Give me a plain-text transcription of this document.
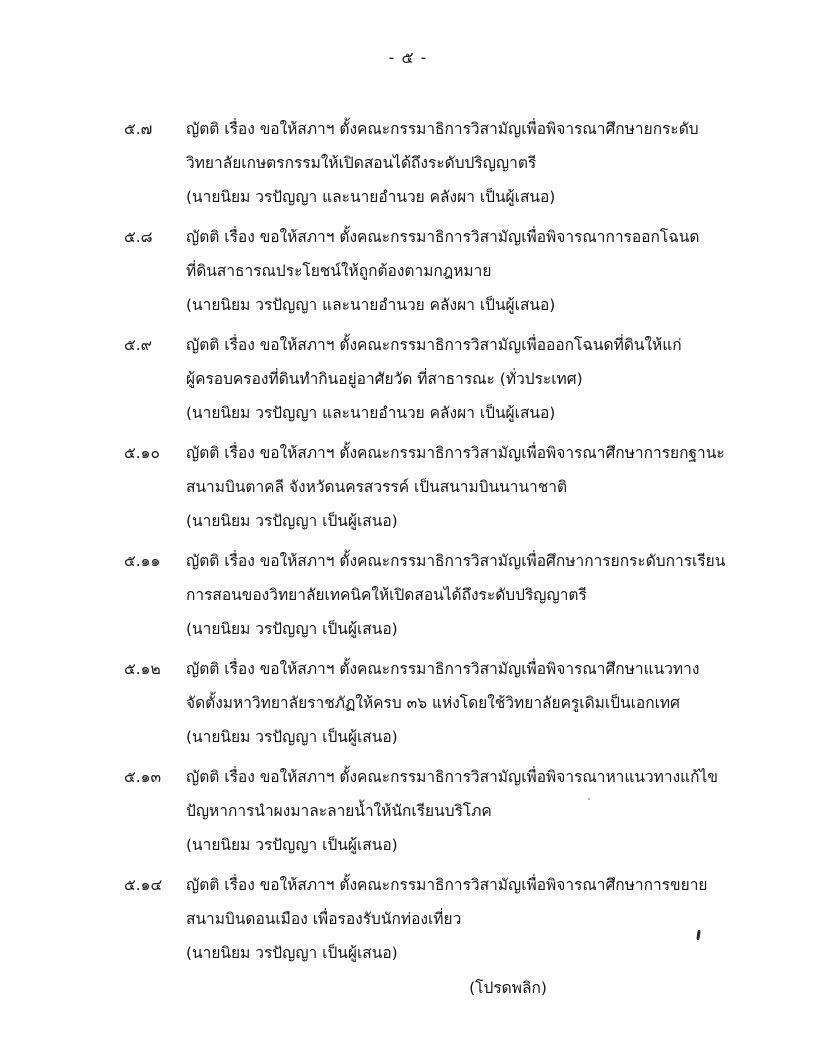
- ๕ -
๕.๗	ญัตติ เรื่อง ขอให้สภาฯ ตั้งคณะกรรมาธิการวิสามัญเพื่อพิจารณาศึกษายกระดับ
วิทยาลัยเกษตรกรรมให้เปิดสอนได้ถึงระดับปริญญาตรี
(นายนิยม วรปัญญา และนายอำนวย คลังผา เป็นผู้เสนอ)
๕.๘	ญัตติ เรื่อง ขอให้สภาฯ ตั้งคณะกรรมาธิการวิสามัญเพื่อพิจารณาการออกโฉนด
ที่ดินสาธารณประโยชน์ให้ถูกต้องตามกฎหมาย
(นายนิยม วรปัญญา และนายอำนวย คลังผา เป็นผู้เสนอ)
๕.๙	ญัตติ เรื่อง ขอให้สภาฯ ตั้งคณะกรรมาธิการวิสามัญเพื่อออกโฉนดที่ดินให้แก่
ผู้ครอบครองที่ดินทำกินอยู่อาศัยวัด ที่สาธารณะ (ทั่วประเทศ)
(นายนิยม วรปัญญา และนายอำนวย คลังผา เป็นผู้เสนอ)
๕.๑๐	ญัตติ เรื่อง ขอให้สภาฯ ตั้งคณะกรรมาธิการวิสามัญเพื่อพิจารณาศึกษาการยกฐานะ
สนามบินตาคลี จังหวัดนครสวรรค์ เป็นสนามบินนานาชาติ
(นายนิยม วรปัญญา เป็นผู้เสนอ)
๕.๑๑	ญัตติ เรื่อง ขอให้สภาฯ ตั้งคณะกรรมาธิการวิสามัญเพื่อศึกษาการยกระดับการเรียน
การสอนของวิทยาลัยเทคนิคให้เปิดสอนได้ถึงระดับปริญญาตรี
(นายนิยม วรปัญญา เป็นผู้เสนอ)
๕.๑๒	ญัตติ เรื่อง ขอให้สภาฯ ตั้งคณะกรรมาธิการวิสามัญเพื่อพิจารณาศึกษาแนวทาง
จัดตั้งมหาวิทยาลัยราชภัฏให้ครบ ๓๖ แห่งโดยใช้วิทยาลัยครูเดิมเป็นเอกเทศ
(นายนิยม วรปัญญา เป็นผู้เสนอ)
๕.๑๓	ญัตติ เรื่อง ขอให้สภาฯ ตั้งคณะกรรมาธิการวิสามัญเพื่อพิจารณาหาแนวทางแก้ไข
ปัญหาการนำผงมาละลายน้ำให้นักเรียนบริโภค
(นายนิยม วรปัญญา เป็นผู้เสนอ)
๕.๑๔	ญัตติ เรื่อง ขอให้สภาฯ ตั้งคณะกรรมาธิการวิสามัญเพื่อพิจารณาศึกษาการขยาย
สนามบินดอนเมือง เพื่อรองรับนักท่องเที่ยว
(นายนิยม วรปัญญา เป็นผู้เสนอ)
(โปรดพลิก)
